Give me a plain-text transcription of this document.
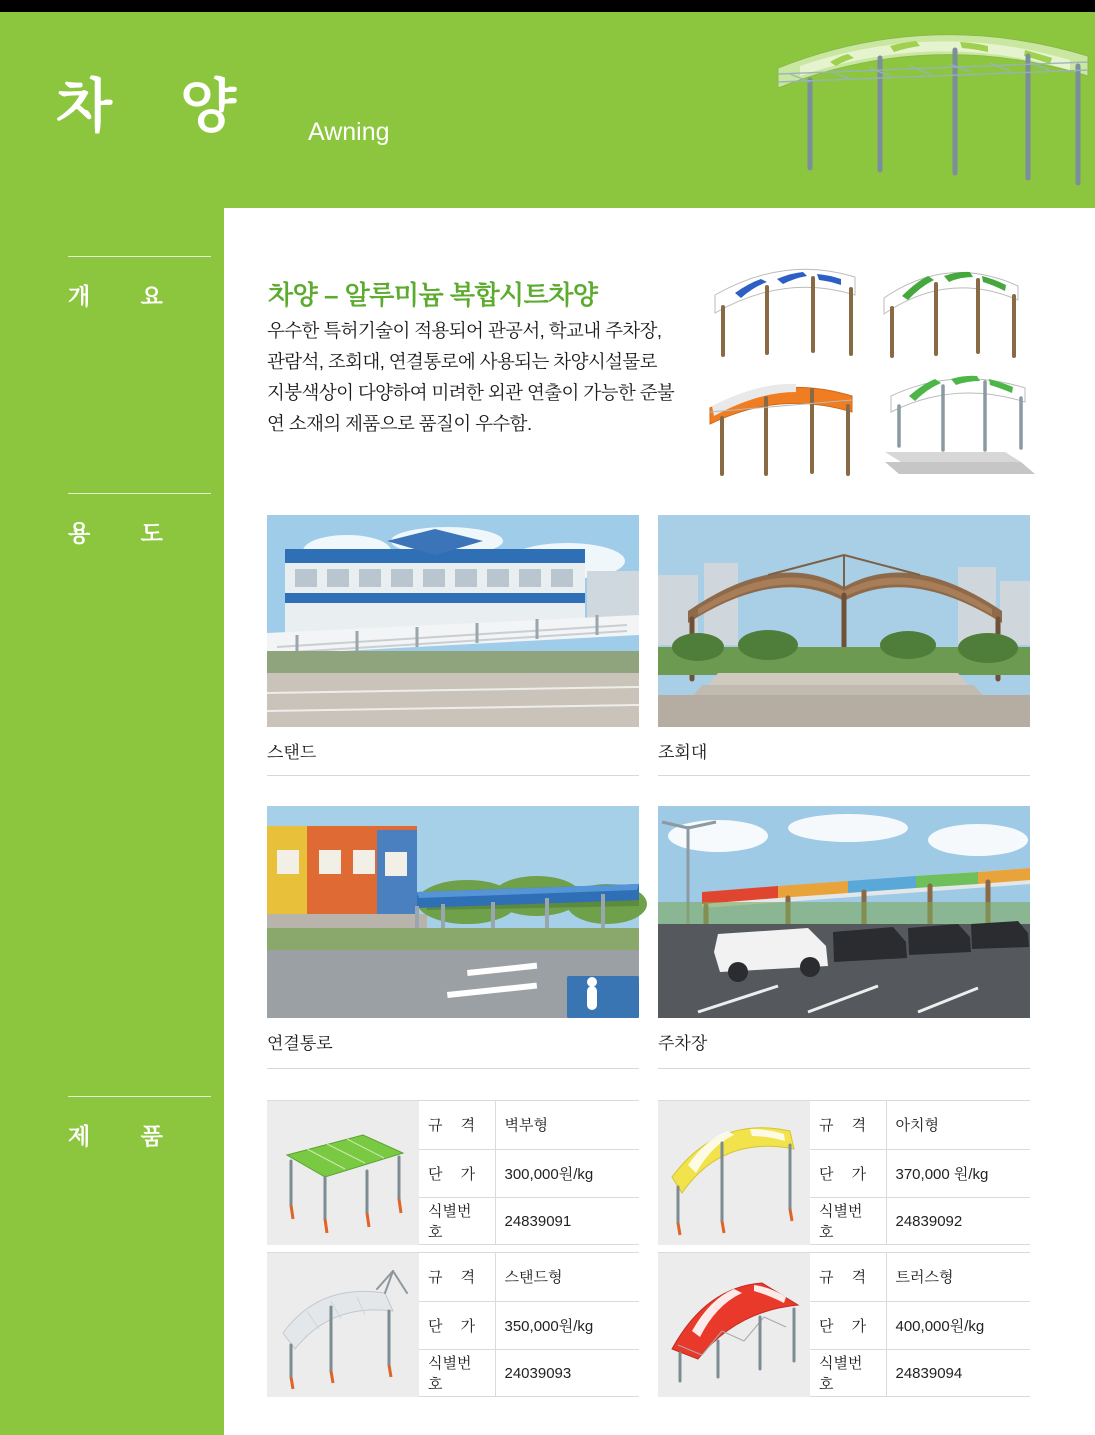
차 양 Awning
개 요
용 도
제 품
차양 – 알루미늄 복합시트차양
우수한 특허기술이 적용되어 관공서, 학교내 주차장, 관람석, 조회대, 연결통로에 사용되는 차양시설물로 지붕색상이 다양하여 미려한 외관 연출이 가능한 준불연 소재의 제품으로 품질이 우수함.
스탠드	조회대
연결통로	주차장
규 격	벽부형
단 가	300,000원/kg
식별번호	24839091
규 격	아치형
단 가	370,000 원/kg
식별번호	24839092
규 격	스탠드형
단 가	350,000원/kg
식별번호	24039093
규 격	트러스형
단 가	400,000원/kg
식별번호	24839094
